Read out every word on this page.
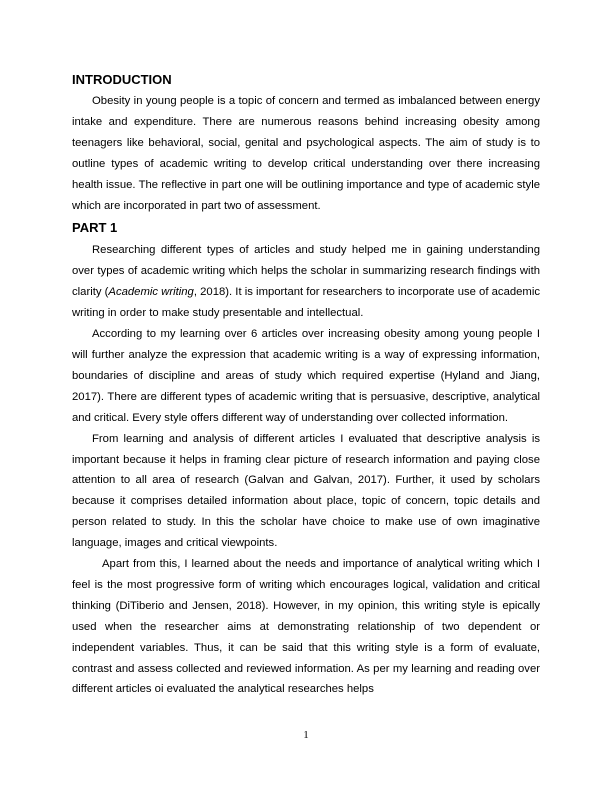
INTRODUCTION

Obesity in young people is a topic of concern and termed as imbalanced between energy intake and expenditure. There are numerous reasons behind increasing obesity among teenagers like behavioral, social, genital and psychological aspects. The aim of study is to outline types of academic writing to develop critical understanding over there increasing health issue. The reflective in part one will be outlining importance and type of academic style which are incorporated in part two of assessment.

PART 1

Researching different types of articles and study helped me in gaining understanding over types of academic writing which helps the scholar in summarizing research findings with clarity (Academic writing, 2018). It is important for researchers to incorporate use of academic writing in order to make study presentable and intellectual.

According to my learning over 6 articles over increasing obesity among young people I will further analyze the expression that academic writing is a way of expressing information, boundaries of discipline and areas of study which required expertise (Hyland and Jiang, 2017). There are different types of academic writing that is persuasive, descriptive, analytical and critical. Every style offers different way of understanding over collected information.

From learning and analysis of different articles I evaluated that descriptive analysis is important because it helps in framing clear picture of research information and paying close attention to all area of research (Galvan and Galvan, 2017). Further, it used by scholars because it comprises detailed information about place, topic of concern, topic details and person related to study. In this the scholar have choice to make use of own imaginative language, images and critical viewpoints.

Apart from this, I learned about the needs and importance of analytical writing which I feel is the most progressive form of writing which encourages logical, validation and critical thinking (DiTiberio and Jensen, 2018). However, in my opinion, this writing style is epically used when the researcher aims at demonstrating relationship of two dependent or independent variables. Thus, it can be said that this writing style is a form of evaluate, contrast and assess collected and reviewed information. As per my learning and reading over different articles oi evaluated the analytical researches helps

1
